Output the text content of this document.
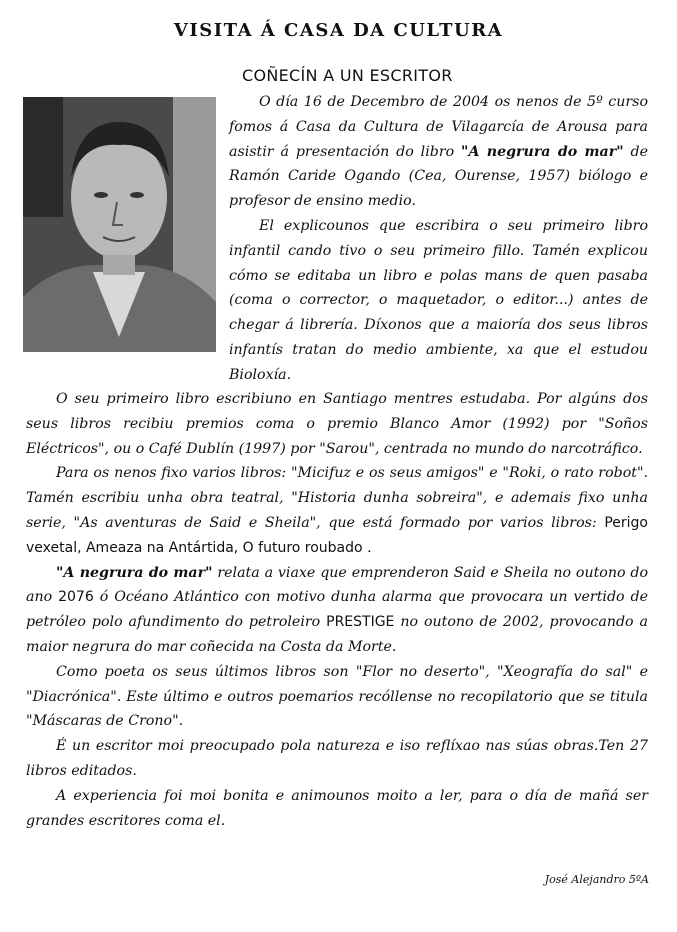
VISITA Á CASA DA CULTURA
COÑECÍN A UN ESCRITOR

O día 16 de Decembro de 2004 os nenos de 5º curso fomos á Casa da Cultura de Vilagarcía de Arousa para asistir á presentación do libro "A negrura do mar" de Ramón Caride Ogando (Cea, Ourense, 1957) biólogo e profesor de ensino medio.

El explicounos que escribira o seu primeiro libro infantil cando tivo o seu primeiro fillo. Tamén explicou cómo se editaba un libro e polas mans de quen pasaba (coma o corrector, o maquetador, o editor...) antes de chegar á librería. Díxonos que a maioría dos seus libros infantís tratan do medio ambiente, xa que el estudou Bioloxía.

O seu primeiro libro escribiuno en Santiago mentres estudaba. Por algúns dos seus libros recibiu premios coma o premio Blanco Amor (1992) por "Soños Eléctricos", ou o Café Dublín (1997) por "Sarou", centrada no mundo do narcotráfico.

Para os nenos fixo varios libros: "Micifuz e os seus amigos" e "Roki, o rato robot". Tamén escribiu unha obra teatral, "Historia dunha sobreira", e ademais fixo unha serie, "As aventuras de Said e Sheila", que está formado por varios libros: Perigo vexetal, Ameaza na Antártida, O futuro roubado .

"A negrura do mar" relata a viaxe que emprenderon Said e Sheila no outono do ano 2076 ó Océano Atlántico con motivo dunha alarma que provocara un vertido de petróleo polo afundimento do petroleiro PRESTIGE no outono de 2002, provocando a maior negrura do mar coñecida na Costa da Morte.

Como poeta os seus últimos libros son "Flor no deserto", "Xeografía do sal" e "Diacrónica". Este último e outros poemarios recóllense no recopilatorio que se titula "Máscaras de Crono".

É un escritor moi preocupado pola natureza e iso reflíxao nas súas obras.Ten 27 libros editados.

A experiencia foi moi bonita e animounos moito a ler, para o día de mañá ser grandes escritores coma el.

José Alejandro 5ºA
